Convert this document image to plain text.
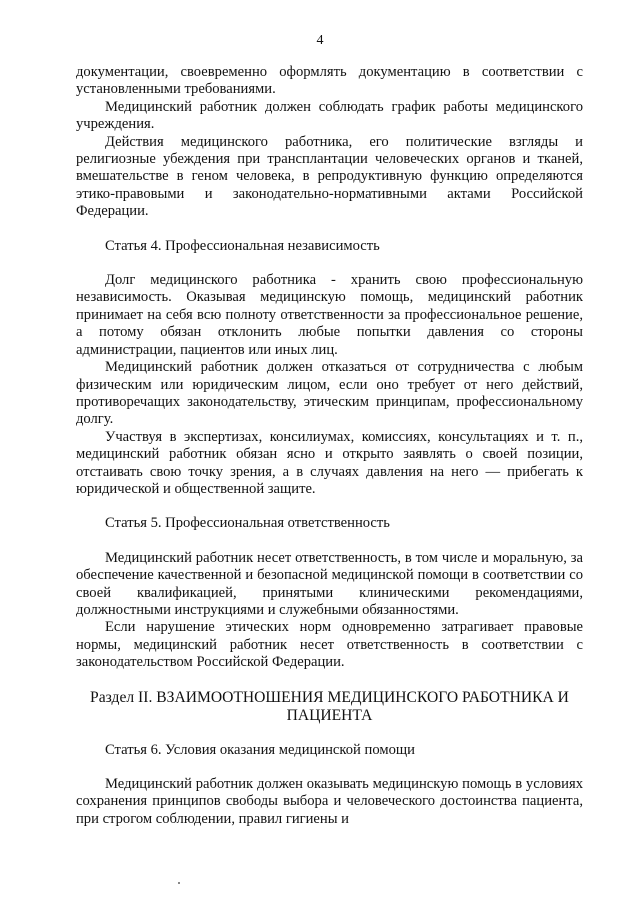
4

документации, своевременно оформлять документацию в соответствии с установленными требованиями.

Медицинский работник должен соблюдать график работы медицинского учреждения.

Действия медицинского работника, его политические взгляды и религиозные убеждения при трансплантации человеческих органов и тканей, вмешательстве в геном человека, в репродуктивную функцию определяются этико-правовыми и законодательно-нормативными актами Российской Федерации.

Статья 4. Профессиональная независимость

Долг медицинского работника - хранить свою профессиональную независимость. Оказывая медицинскую помощь, медицинский работник принимает на себя всю полноту ответственности за профессиональное решение, а потому обязан отклонить любые попытки давления со стороны администрации, пациентов или иных лиц.

Медицинский работник должен отказаться от сотрудничества с любым физическим или юридическим лицом, если оно требует от него действий, противоречащих законодательству, этическим принципам, профессиональному долгу.

Участвуя в экспертизах, консилиумах, комиссиях, консультациях и т. п., медицинский работник обязан ясно и открыто заявлять о своей позиции, отстаивать свою точку зрения, а в случаях давления на него — прибегать к юридической и общественной защите.

Статья 5. Профессиональная ответственность

Медицинский работник несет ответственность, в том числе и моральную, за обеспечение качественной и безопасной медицинской помощи в соответствии со своей квалификацией, принятыми клиническими рекомендациями, должностными инструкциями и служебными обязанностями.

Если нарушение этических норм одновременно затрагивает правовые нормы, медицинский работник несет ответственность в соответствии с законодательством Российской Федерации.

Раздел II. ВЗАИМООТНОШЕНИЯ МЕДИЦИНСКОГО РАБОТНИКА И
ПАЦИЕНТА
Статья 6. Условия оказания медицинской помощи

Медицинский работник должен оказывать медицинскую помощь в условиях сохранения принципов свободы выбора и человеческого достоинства пациента, при строгом соблюдении, правил гигиены и
